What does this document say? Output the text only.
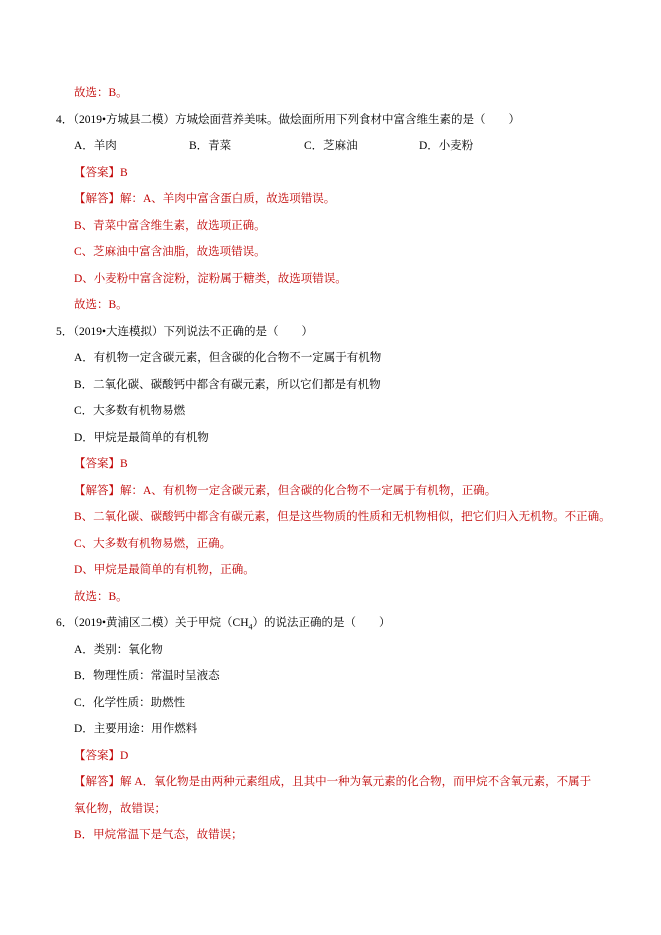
故选：B。

4．（2019•方城县二模）方城烩面营养美味。做烩面所用下列食材中富含维生素的是（　　）

A．羊肉	B．青菜	C．芝麻油	D．小麦粉

【答案】B

【解答】解：A、羊肉中富含蛋白质，故选项错误。

B、青菜中富含维生素，故选项正确。

C、芝麻油中富含油脂，故选项错误。

D、小麦粉中富含淀粉，淀粉属于糖类，故选项错误。

故选：B。

5．（2019•大连模拟）下列说法不正确的是（　　）

A．有机物一定含碳元素，但含碳的化合物不一定属于有机物

B．二氧化碳、碳酸钙中都含有碳元素，所以它们都是有机物

C．大多数有机物易燃

D．甲烷是最简单的有机物

【答案】B

【解答】解：A、有机物一定含碳元素，但含碳的化合物不一定属于有机物，正确。

B、二氧化碳、碳酸钙中都含有碳元素，但是这些物质的性质和无机物相似，把它们归入无机物。不正确。

C、大多数有机物易燃，正确。

D、甲烷是最简单的有机物，正确。

故选：B。

6．（2019•黄浦区二模）关于甲烷$(CH_4)$的说法正确的是（　　）

A．类别：氧化物

B．物理性质：常温时呈液态

C．化学性质：助燃性

D．主要用途：用作燃料

【答案】D

【解答】解 A．氧化物是由两种元素组成，且其中一种为氧元素的化合物，而甲烷不含氧元素，不属于

氧化物，故错误；

B．甲烷常温下是气态，故错误；
